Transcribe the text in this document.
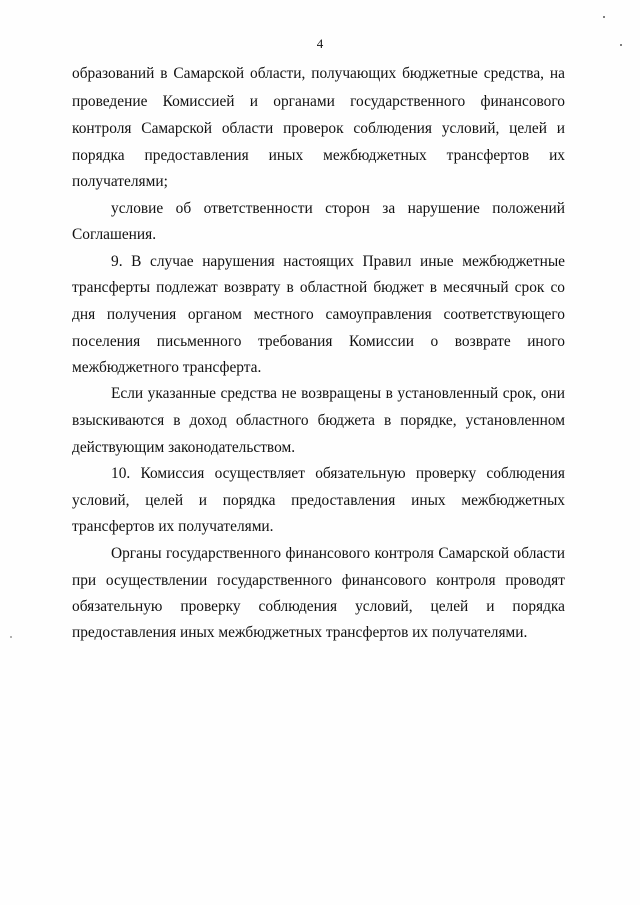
4
образований в Самарской области, получающих бюджетные средства, на
проведение Комиссией и органами государственного финансового
контроля Самарской области проверок соблюдения условий, целей и
порядка предоставления иных межбюджетных трансфертов их
получателями;
условие об ответственности сторон за нарушение положений
Соглашения.
9. В случае нарушения настоящих Правил иные межбюджетные
трансферты подлежат возврату в областной бюджет в месячный срок со
дня получения органом местного самоуправления соответствующего
поселения письменного требования Комиссии о возврате иного
межбюджетного трансферта.
Если указанные средства не возвращены в установленный срок, они
взыскиваются в доход областного бюджета в порядке, установленном
действующим законодательством.
10. Комиссия осуществляет обязательную проверку соблюдения
условий, целей и порядка предоставления иных межбюджетных
трансфертов их получателями.
Органы государственного финансового контроля Самарской области
при осуществлении государственного финансового контроля проводят
обязательную проверку соблюдения условий, целей и порядка
предоставления иных межбюджетных трансфертов их получателями.
